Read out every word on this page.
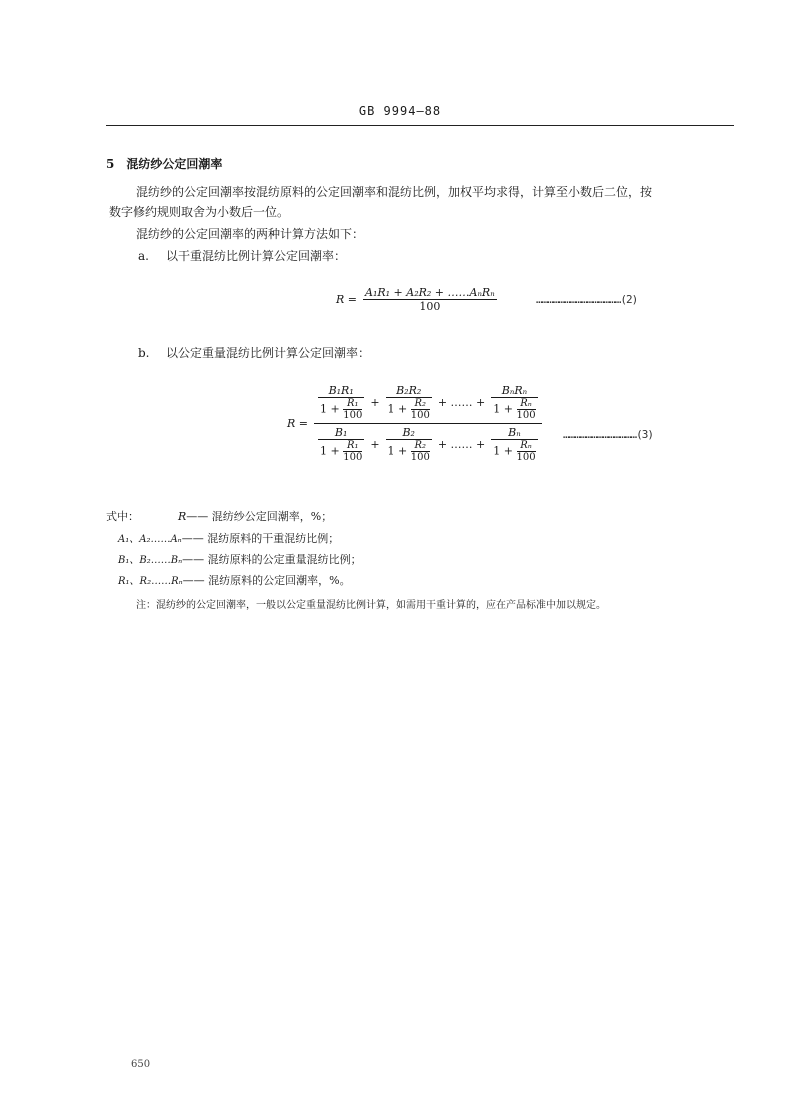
GB 9994—88
5 混纺纱公定回潮率
混纺纱的公定回潮率按混纺原料的公定回潮率和混纺比例，加权平均求得，计算至小数后二位，按
数字修约规则取舍为小数后一位。
混纺纱的公定回潮率的两种计算方法如下：
a. 以干重混纺比例计算公定回潮率：
$R = \frac{\text{A₁R₁ + A₂R₂ + ……AₙRₙ}}{100}$	………………………………………(2)
b. 以公定重量混纺比例计算公定回潮率：
R =
$\frac{\text{B₁R₁}}{1 + \frac{\text{R₁}}{100}} + \frac{\text{B₂R₂}}{1 + \frac{\text{R₂}}{100}}$ + …… + $\frac{\text{BₙRₙ}}{1 + \frac{\text{Rₙ}}{100}}$
$\frac{\text{B₁}}{1 + \frac{\text{R₁}}{100}} + \frac{\text{B₂}}{1 + \frac{\text{R₂}}{100}}$ + …… + $\frac{\text{Bₙ}}{1 + \frac{\text{Rₙ}}{100}}$ …………………………………(3)
式中：	R—— 混纺纱公定回潮率，%；
A₁、A₂……Aₙ—— 混纺原料的干重混纺比例；
B₁、B₂……Bₙ—— 混纺原料的公定重量混纺比例；
R₁、R₂……Rₙ—— 混纺原料的公定回潮率，%。
注：混纺纱的公定回潮率，一般以公定重量混纺比例计算，如需用干重计算的，应在产品标准中加以规定。
650
